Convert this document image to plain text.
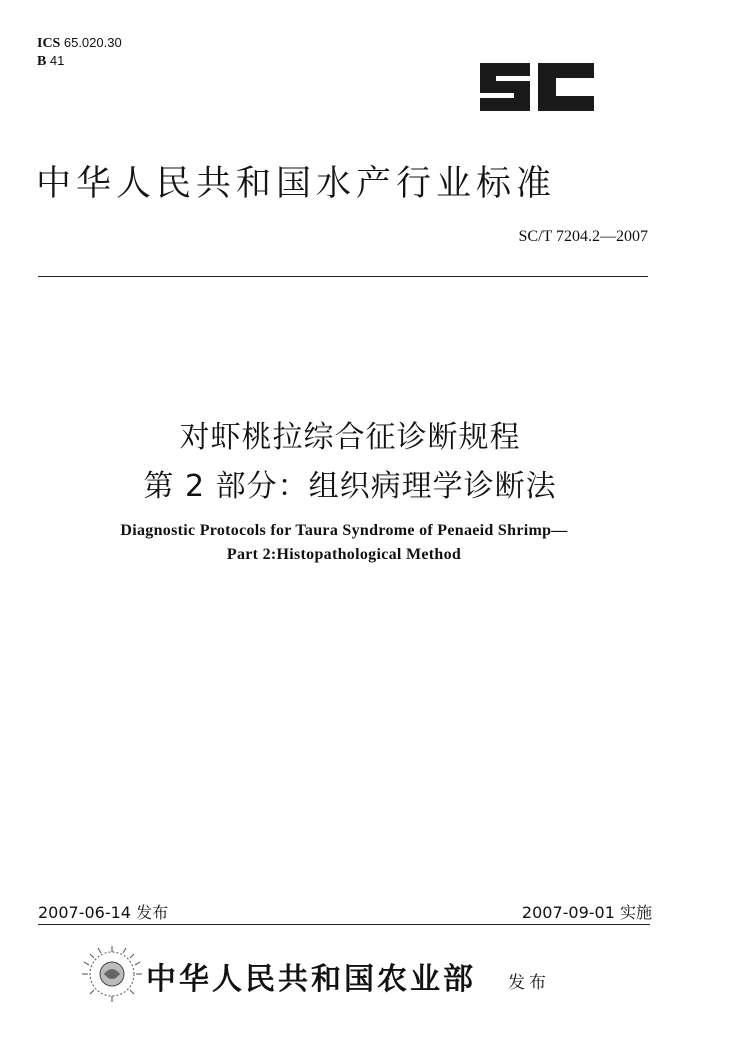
ICS 65.020.30
B 41
中华人民共和国水产行业标准
SC/T 7204.2—2007
对虾桃拉综合征诊断规程
第 2 部分：组织病理学诊断法
Diagnostic Protocols for Taura Syndrome of Penaeid Shrimp—
Part 2:Histopathological Method
2007-06-14 发布	2007-09-01 实施
中华人民共和国农业部 发布
